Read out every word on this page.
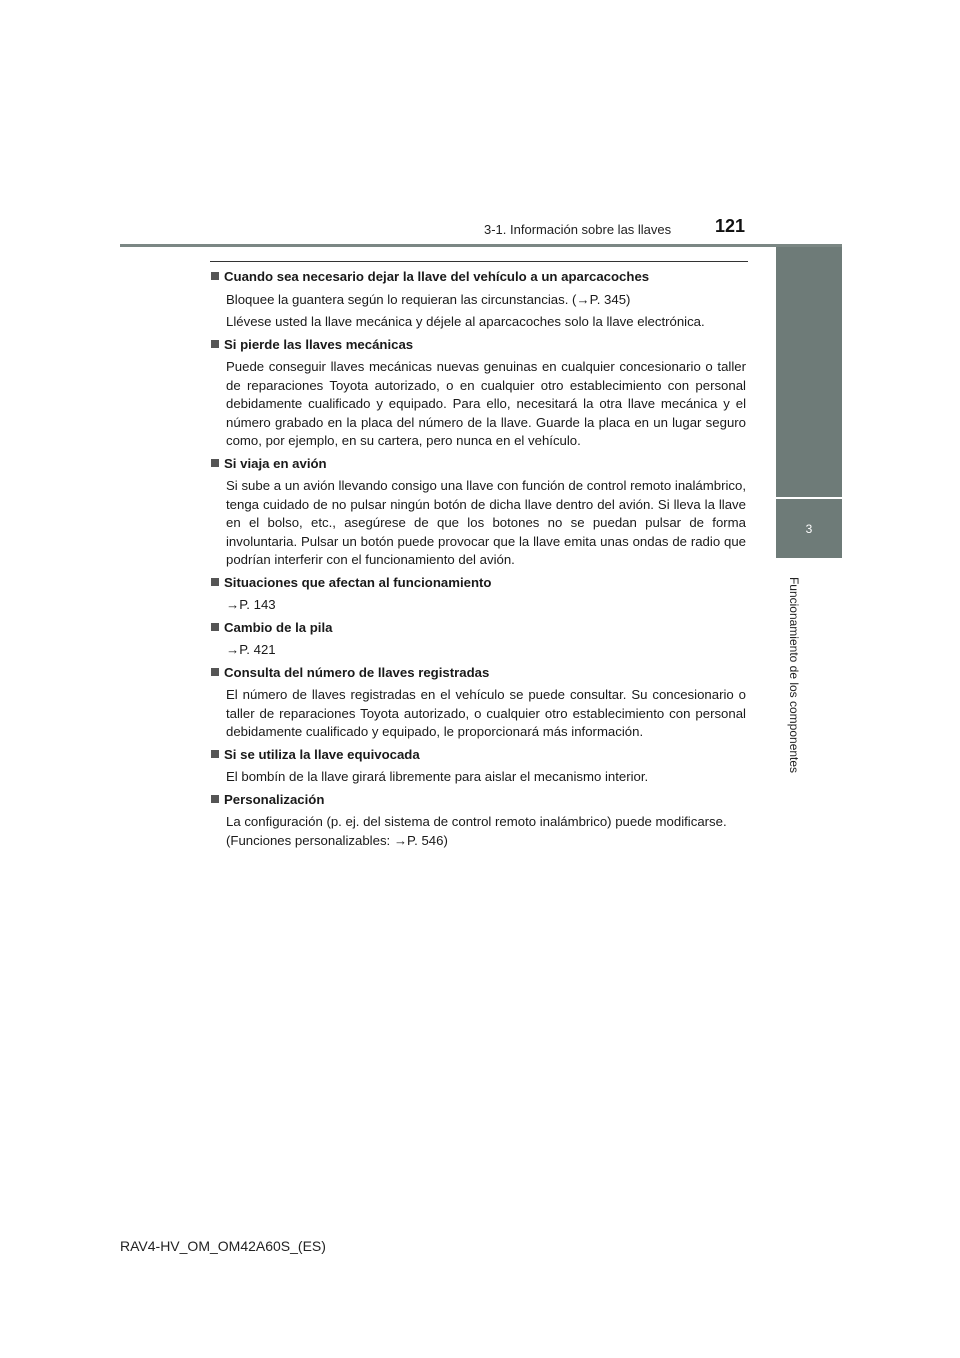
3-1. Información sobre las llaves 121
3
Funcionamiento de los componentes
Cuando sea necesario dejar la llave del vehículo a un aparcacoches
Bloquee la guantera según lo requieran las circunstancias. (→P. 345)
Llévese usted la llave mecánica y déjele al aparcacoches solo la llave electrónica.
Si pierde las llaves mecánicas
Puede conseguir llaves mecánicas nuevas genuinas en cualquier concesionario o taller de reparaciones Toyota autorizado, o en cualquier otro establecimiento con personal debidamente cualificado y equipado. Para ello, necesitará la otra llave mecánica y el número grabado en la placa del número de la llave. Guarde la placa en un lugar seguro como, por ejemplo, en su cartera, pero nunca en el vehículo.
Si viaja en avión
Si sube a un avión llevando consigo una llave con función de control remoto inalámbrico, tenga cuidado de no pulsar ningún botón de dicha llave dentro del avión. Si lleva la llave en el bolso, etc., asegúrese de que los botones no se puedan pulsar de forma involuntaria. Pulsar un botón puede provocar que la llave emita unas ondas de radio que podrían interferir con el funcionamiento del avión.
Situaciones que afectan al funcionamiento
→P. 143
Cambio de la pila
→P. 421
Consulta del número de llaves registradas
El número de llaves registradas en el vehículo se puede consultar. Su concesionario o taller de reparaciones Toyota autorizado, o cualquier otro establecimiento con personal debidamente cualificado y equipado, le proporcionará más información.
Si se utiliza la llave equivocada
El bombín de la llave girará libremente para aislar el mecanismo interior.
Personalización
La configuración (p. ej. del sistema de control remoto inalámbrico) puede modificarse.
(Funciones personalizables: →P. 546)
RAV4-HV_OM_OM42A60S_(ES)
